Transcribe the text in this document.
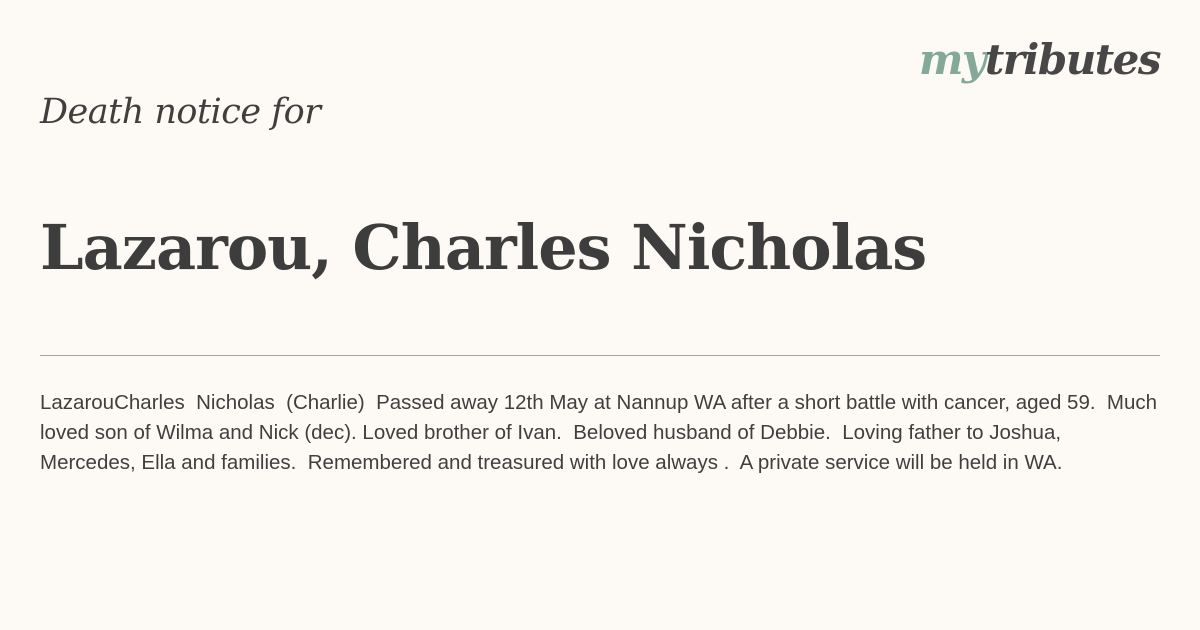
mytributes
Death notice for
Lazarou, Charles Nicholas

LazarouCharles  Nicholas  (Charlie)  Passed away 12th May at Nannup WA after a short battle with cancer, aged 59.  Much loved son of Wilma and Nick (dec). Loved brother of Ivan.  Beloved husband of Debbie.  Loving father to Joshua, Mercedes, Ella and families.  Remembered and treasured with love always .  A private service will be held in WA.
